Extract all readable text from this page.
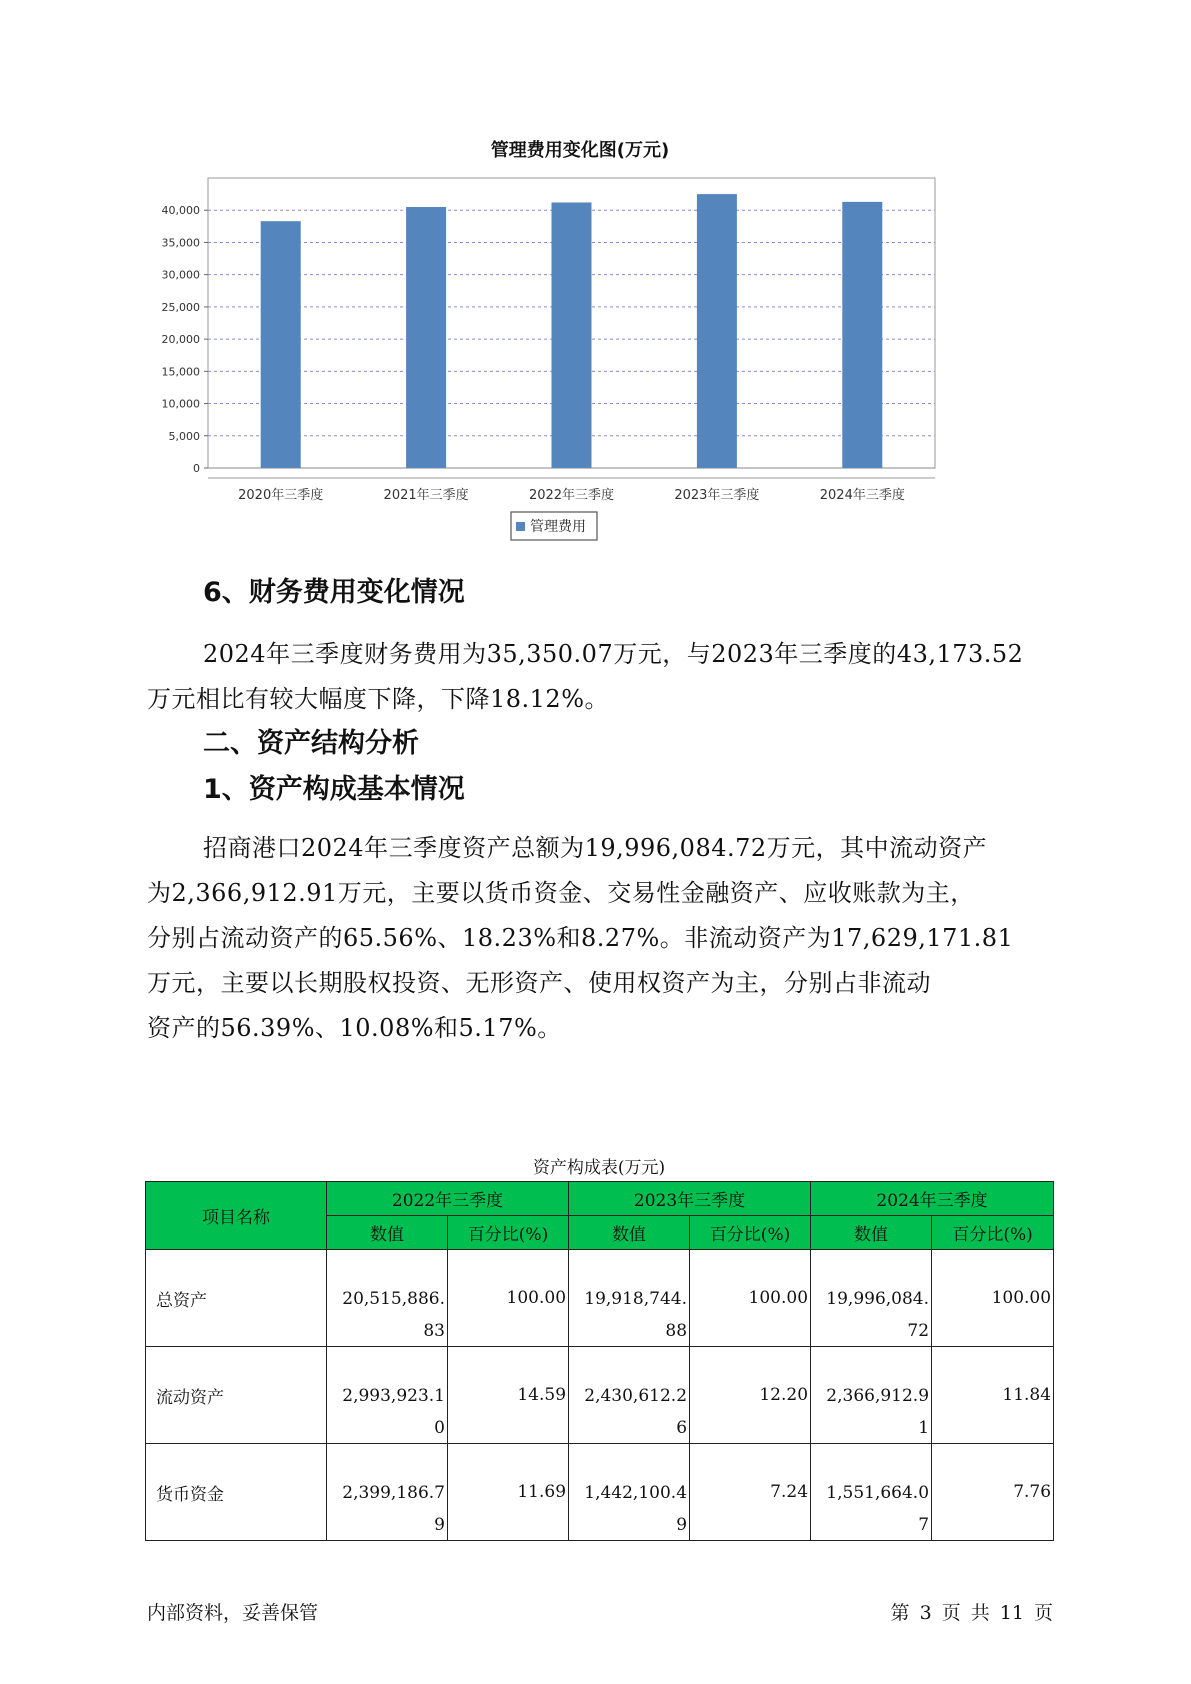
管理费用变化图(万元)
0
5,000
10,000
15,000
20,000
25,000
30,000
35,000
40,000
2020年三季度	2021年三季度	2022年三季度	2023年三季度	2024年三季度
管理费用
6、财务费用变化情况

2024年三季度财务费用为35,350.07万元，与2023年三季度的43,173.52
万元相比有较大幅度下降，下降18.12%。

二、资产结构分析
1、资产构成基本情况

招商港口2024年三季度资产总额为19,996,084.72万元，其中流动资产
为2,366,912.91万元，主要以货币资金、交易性金融资产、应收账款为主，
分别占流动资产的65.56%、18.23%和8.27%。非流动资产为17,629,171.81
万元，主要以长期股权投资、无形资产、使用权资产为主，分别占非流动
资产的56.39%、10.08%和5.17%。

资产构成表(万元)
项目名称	2022年三季度		2023年三季度		2024年三季度	
	数值	百分比(%)	数值	百分比(%)	数值	百分比(%)
总资产	20,515,886.
83	100.00	19,918,744.
88	100.00	19,996,084.
72	100.00
流动资产	2,993,923.1
0	14.59	2,430,612.2
6	12.20	2,366,912.9
1	11.84
货币资金	2,399,186.7
9	11.69	1,442,100.4
9	7.24	1,551,664.0
7	7.76
内部资料，妥善保管	第 3 页 共 11 页
